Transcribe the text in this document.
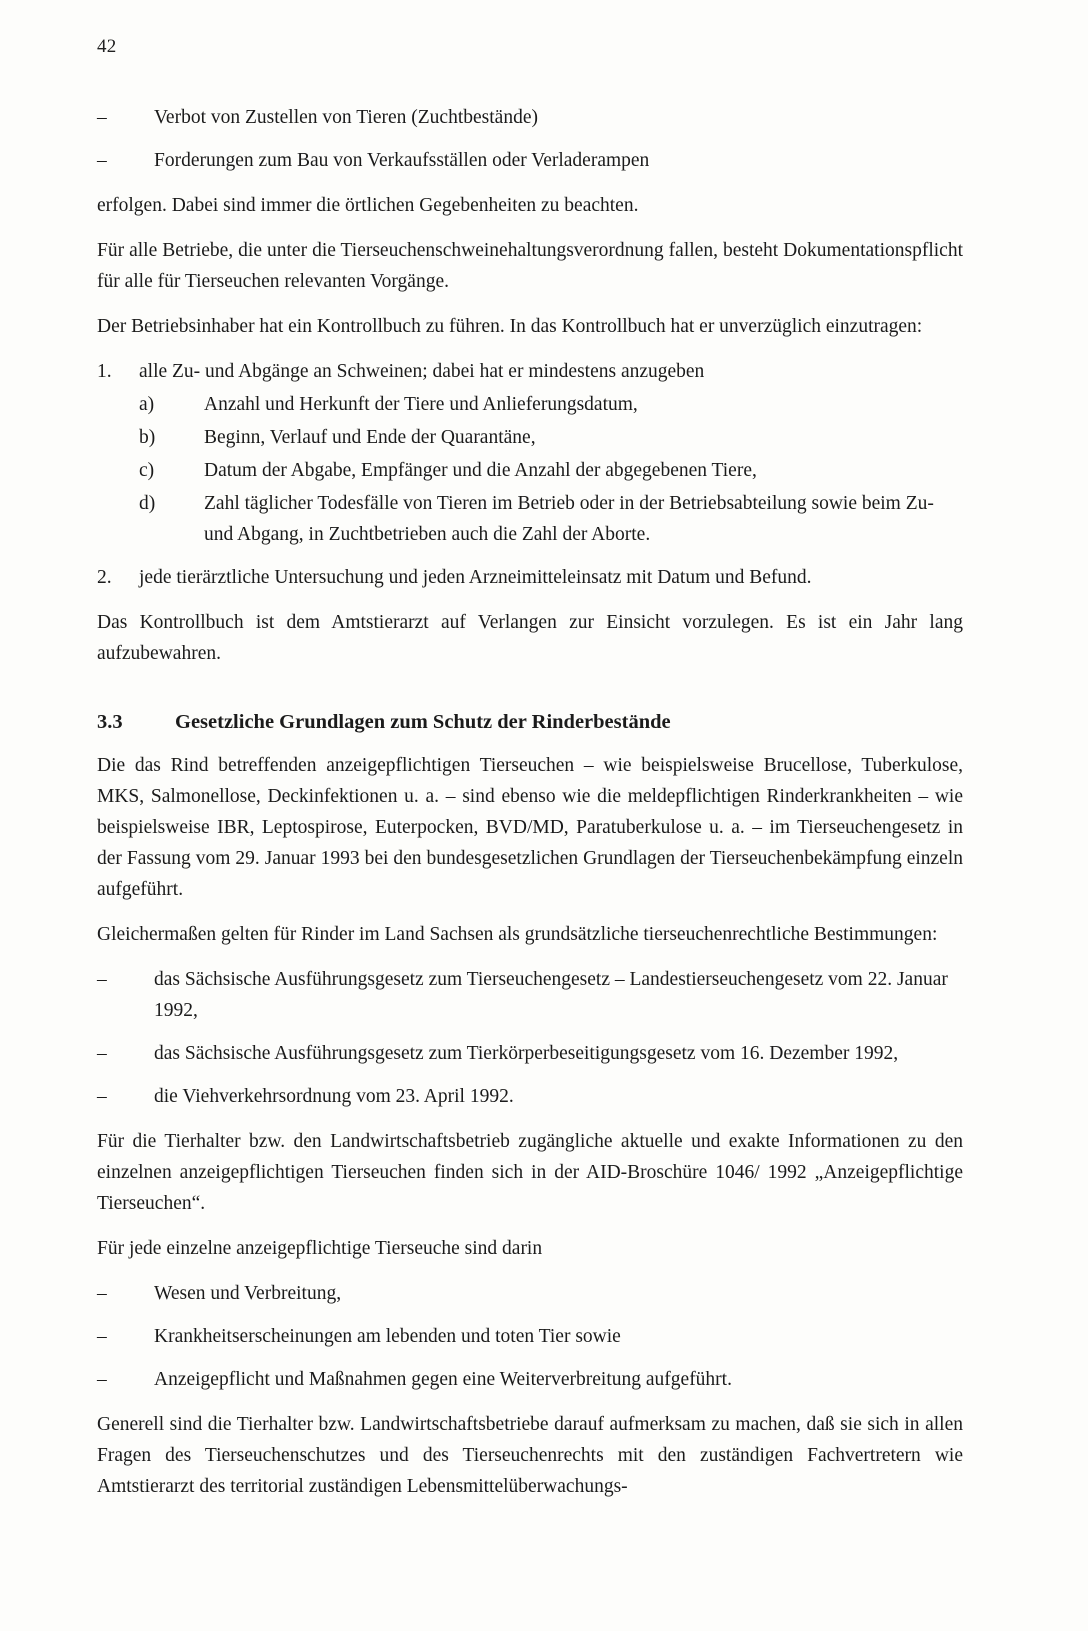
42
–	Verbot von Zustellen von Tieren (Zuchtbestände)
–	Forderungen zum Bau von Verkaufsställen oder Verladerampen

erfolgen. Dabei sind immer die örtlichen Gegebenheiten zu beachten.

Für alle Betriebe, die unter die Tierseuchenschweinehaltungsverordnung fallen, besteht Dokumentationspflicht für alle für Tierseuchen relevanten Vorgänge.

Der Betriebsinhaber hat ein Kontrollbuch zu führen. In das Kontrollbuch hat er unverzüglich einzutragen:

1.	alle Zu- und Abgänge an Schweinen; dabei hat er mindestens anzugeben
a)	Anzahl und Herkunft der Tiere und Anlieferungsdatum,
b)	Beginn, Verlauf und Ende der Quarantäne,
c)	Datum der Abgabe, Empfänger und die Anzahl der abgegebenen Tiere,
d)	Zahl täglicher Todesfälle von Tieren im Betrieb oder in der Betriebsabteilung sowie beim Zu- und Abgang, in Zuchtbetrieben auch die Zahl der Aborte.
2.	jede tierärztliche Untersuchung und jeden Arzneimitteleinsatz mit Datum und Befund.

Das Kontrollbuch ist dem Amtstierarzt auf Verlangen zur Einsicht vorzulegen. Es ist ein Jahr lang aufzubewahren.

3.3	Gesetzliche Grundlagen zum Schutz der Rinderbestände

Die das Rind betreffenden anzeigepflichtigen Tierseuchen – wie beispielsweise Brucellose, Tuberkulose, MKS, Salmonellose, Deckinfektionen u. a. – sind ebenso wie die meldepflichtigen Rinderkrankheiten – wie beispielsweise IBR, Leptospirose, Euterpocken, BVD/MD, Paratuberkulose u. a. – im Tierseuchengesetz in der Fassung vom 29. Januar 1993 bei den bundesgesetzlichen Grundlagen der Tierseuchenbekämpfung einzeln aufgeführt.

Gleichermaßen gelten für Rinder im Land Sachsen als grundsätzliche tierseuchenrechtliche Bestimmungen:

–	das Sächsische Ausführungsgesetz zum Tierseuchengesetz – Landestierseuchengesetz vom 22. Januar 1992,
–	das Sächsische Ausführungsgesetz zum Tierkörperbeseitigungsgesetz vom 16. Dezember 1992,
–	die Viehverkehrsordnung vom 23. April 1992.

Für die Tierhalter bzw. den Landwirtschaftsbetrieb zugängliche aktuelle und exakte Informationen zu den einzelnen anzeigepflichtigen Tierseuchen finden sich in der AID-Broschüre 1046/ 1992 „Anzeigepflichtige Tierseuchen“.

Für jede einzelne anzeigepflichtige Tierseuche sind darin

–	Wesen und Verbreitung,
–	Krankheitserscheinungen am lebenden und toten Tier sowie
–	Anzeigepflicht und Maßnahmen gegen eine Weiterverbreitung aufgeführt.

Generell sind die Tierhalter bzw. Landwirtschaftsbetriebe darauf aufmerksam zu machen, daß sie sich in allen Fragen des Tierseuchenschutzes und des Tierseuchenrechts mit den zuständigen Fachvertretern wie Amtstierarzt des territorial zuständigen Lebensmittelüberwachungs-
